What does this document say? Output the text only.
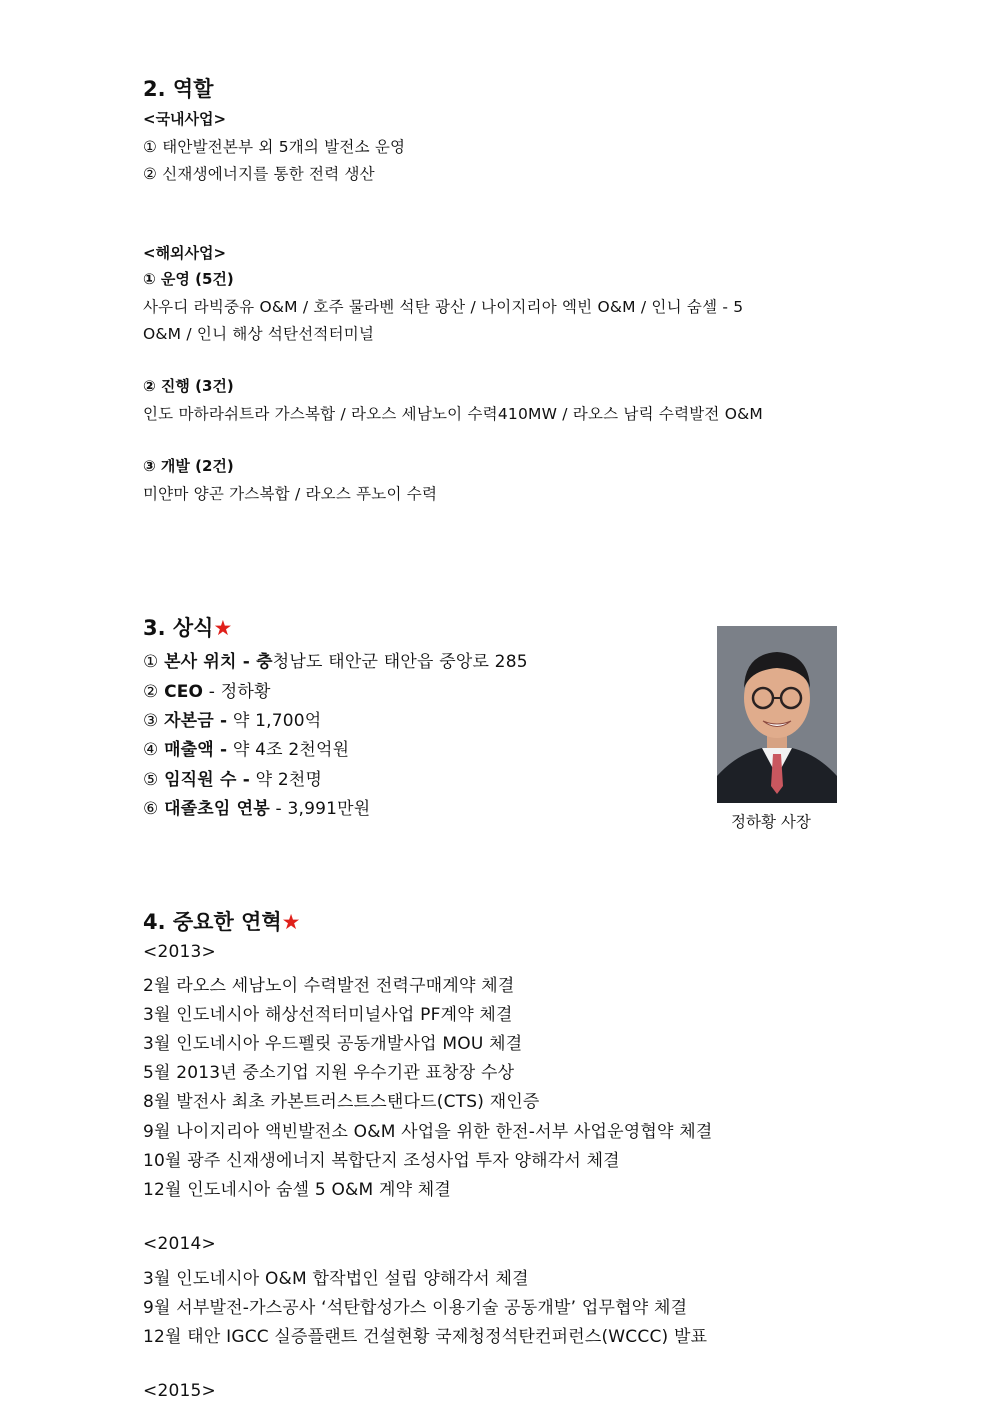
2. 역할
<국내사업>
① 태안발전본부 외 5개의 발전소 운영
② 신재생에너지를 통한 전력 생산
<해외사업>
① 운영 (5건)
사우디 라빅중유 O&M / 호주 물라벤 석탄 광산 / 나이지리아 엑빈 O&M / 인니 숨셀 - 5
O&M / 인니 해상 석탄선적터미널
② 진행 (3건)
인도 마하라쉬트라 가스복합 / 라오스 세남노이 수력410MW / 라오스 남릭 수력발전 O&M
③ 개발 (2건)
미얀마 양곤 가스복합 / 라오스 푸노이 수력
3. 상식★
① 본사 위치 - 충청남도 태안군 태안읍 중앙로 285
② CEO - 정하황
③ 자본금 - 약 1,700억
④ 매출액 - 약 4조 2천억원
⑤ 임직원 수 - 약 2천명
⑥ 대졸초임 연봉 - 3,991만원
4. 중요한 연혁★
<2013>
2월 라오스 세남노이 수력발전 전력구매계약 체결
3월 인도네시아 해상선적터미널사업 PF계약 체결
3월 인도네시아 우드펠릿 공동개발사업 MOU 체결
5월 2013년 중소기업 지원 우수기관 표창장 수상
8월 발전사 최초 카본트러스트스탠다드(CTS) 재인증
9월 나이지리아 액빈발전소 O&M 사업을 위한 한전-서부 사업운영협약 체결
10월 광주 신재생에너지 복합단지 조성사업 투자 양해각서 체결
12월 인도네시아 숨셀 5 O&M 계약 체결
<2014>
3월 인도네시아 O&M 합작법인 설립 양해각서 체결
9월 서부발전-가스공사 ‘석탄합성가스 이용기술 공동개발’ 업무협약 체결
12월 태안 IGCC 실증플랜트 건설현황 국제청정석탄컨퍼런스(WCCC) 발표
<2015>
정하황 사장
